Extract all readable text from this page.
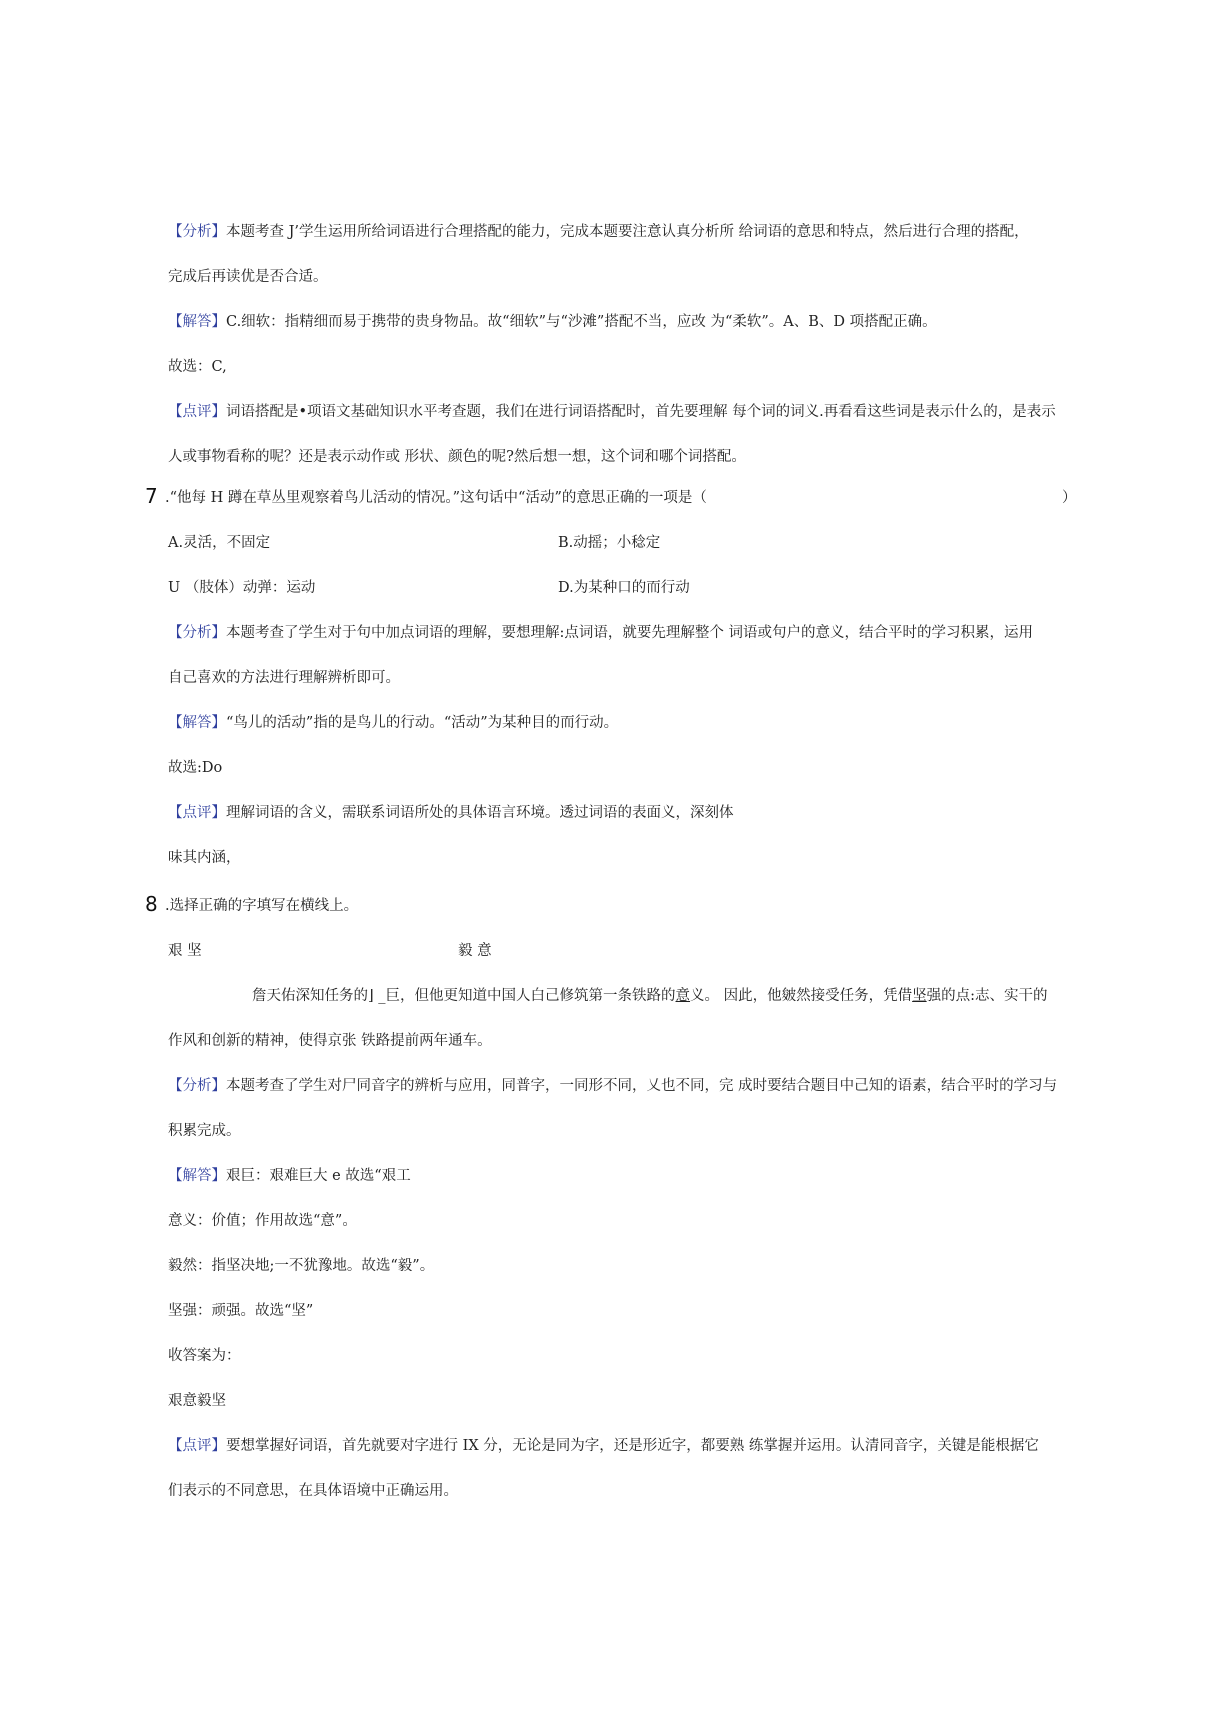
【分析】本题考查 J’学生运用所给词语进行合理搭配的能力，完成本题要注意认真分析所 给词语的意思和特点，然后进行合理的搭配，
完成后再读优是否合适。
【解答】C.细软：指精细而易于携带的贵身物品。故“细软”与“沙滩”搭配不当，应改 为“柔软”。A、B、D 项搭配正确。
故选：C,
【点评】词语搭配是•项语文基础知识水平考查题，我们在进行词语搭配时，首先要理解 每个词的词义.再看看这些词是表示什么的，是表示
人或事物看称的呢？还是表示动作或 形状、颜色的呢?然后想一想，这个词和哪个词搭配。
7 .“他每 H 蹲在草丛里观察着鸟儿活动的情况。”这句话中“活动”的意思正确的一项是（	）
A.灵活，不固定	B.动摇；小稔定
U （肢体）动弹：运动	D.为某种口的而行动
【分析】本题考查了学生对于句中加点词语的理解，要想理解:点词语，就要先理解整个 词语或句户的意义，结合平时的学习积累，运用
自己喜欢的方法进行理解辨析即可。
【解答】“鸟儿的活动”指的是鸟儿的行动。“活动”为某种目的而行动。
故选:Do
【点评】理解词语的含义，需联系词语所处的具体语言环境。透过词语的表面义，深刻体
味其内涵，
8 .选择正确的字填写在横线上。
艰 坚	毅 意
詹天佑深知任务的⌋ _巨，但他更知道中国人白己修筑第一条铁路的意义。 因此，他皴然接受任务，凭借坚强的点:志、实干的
作风和创新的精神，使得京张 铁路提前两年通车。
【分析】本题考查了学生对尸同音字的辨析与应用，同普字，一同形不同，乂也不同，完 成时要结合题目中己知的语素，结合平时的学习与
积累完成。
【解答】艰巨：艰难巨大 e 故选“艰工
意义：价值；作用故选“意”。
毅然：指坚决地;一不犹豫地。故选“毅”。
坚强：顽强。故选“坚”
收答案为：
艰意毅坚
【点评】要想掌握好词语，首先就要对字进行 IX 分，无论是同为字，还是形近字，都要熟 练掌握并运用。认清同音字，关键是能根据它
们表示的不同意思，在具体语境中正确运用。
